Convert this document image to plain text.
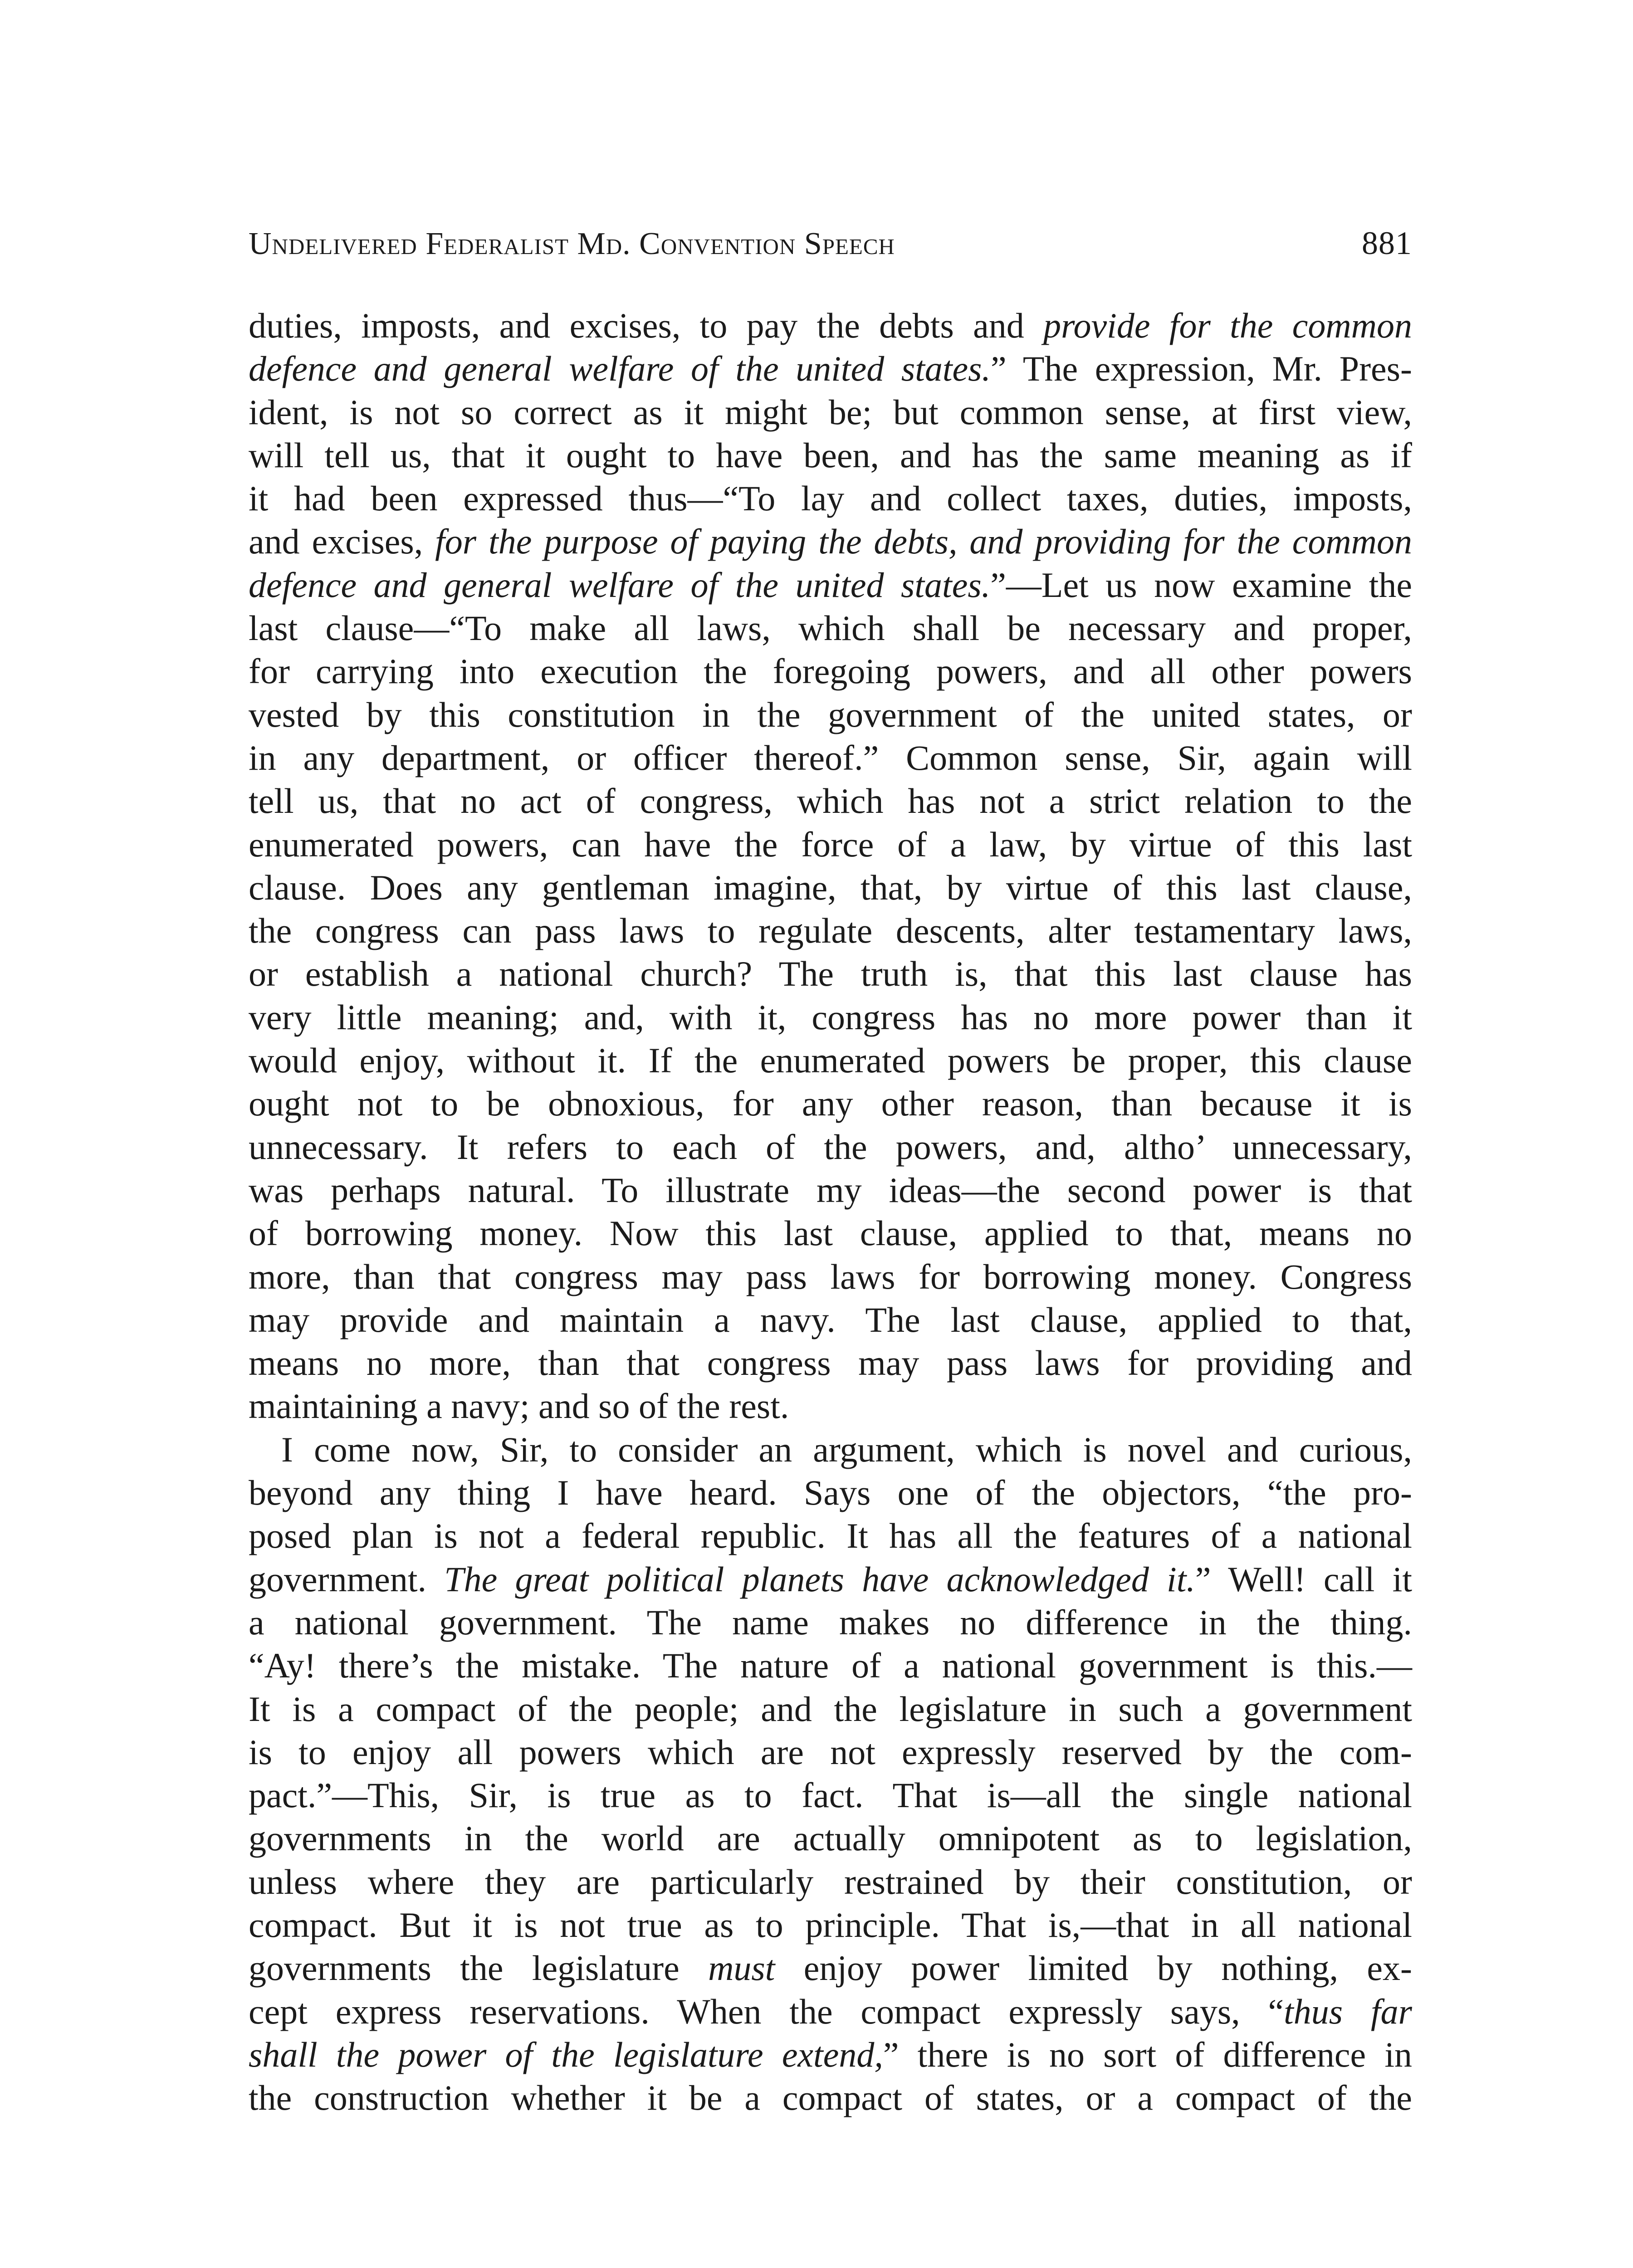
Undelivered Federalist Md. Convention Speech	881
duties, imposts, and excises, to pay the debts and provide for the common
defence and general welfare of the united states.” The expression, Mr. Pres-
ident, is not so correct as it might be; but common sense, at first view,
will tell us, that it ought to have been, and has the same meaning as if
it had been expressed thus—“To lay and collect taxes, duties, imposts,
and excises, for the purpose of paying the debts, and providing for the common
defence and general welfare of the united states.”—Let us now examine the
last clause—“To make all laws, which shall be necessary and proper,
for carrying into execution the foregoing powers, and all other powers
vested by this constitution in the government of the united states, or
in any department, or officer thereof.” Common sense, Sir, again will
tell us, that no act of congress, which has not a strict relation to the
enumerated powers, can have the force of a law, by virtue of this last
clause. Does any gentleman imagine, that, by virtue of this last clause,
the congress can pass laws to regulate descents, alter testamentary laws,
or establish a national church? The truth is, that this last clause has
very little meaning; and, with it, congress has no more power than it
would enjoy, without it. If the enumerated powers be proper, this clause
ought not to be obnoxious, for any other reason, than because it is
unnecessary. It refers to each of the powers, and, altho’ unnecessary,
was perhaps natural. To illustrate my ideas—the second power is that
of borrowing money. Now this last clause, applied to that, means no
more, than that congress may pass laws for borrowing money. Congress
may provide and maintain a navy. The last clause, applied to that,
means no more, than that congress may pass laws for providing and
maintaining a navy; and so of the rest.
I come now, Sir, to consider an argument, which is novel and curious,
beyond any thing I have heard. Says one of the objectors, “the pro-
posed plan is not a federal republic. It has all the features of a national
government. The great political planets have acknowledged it.” Well! call it
a national government. The name makes no difference in the thing.
“Ay! there’s the mistake. The nature of a national government is this.—
It is a compact of the people; and the legislature in such a government
is to enjoy all powers which are not expressly reserved by the com-
pact.”—This, Sir, is true as to fact. That is—all the single national
governments in the world are actually omnipotent as to legislation,
unless where they are particularly restrained by their constitution, or
compact. But it is not true as to principle. That is,—that in all national
governments the legislature must enjoy power limited by nothing, ex-
cept express reservations. When the compact expressly says, “thus far
shall the power of the legislature extend,” there is no sort of difference in
the construction whether it be a compact of states, or a compact of the
